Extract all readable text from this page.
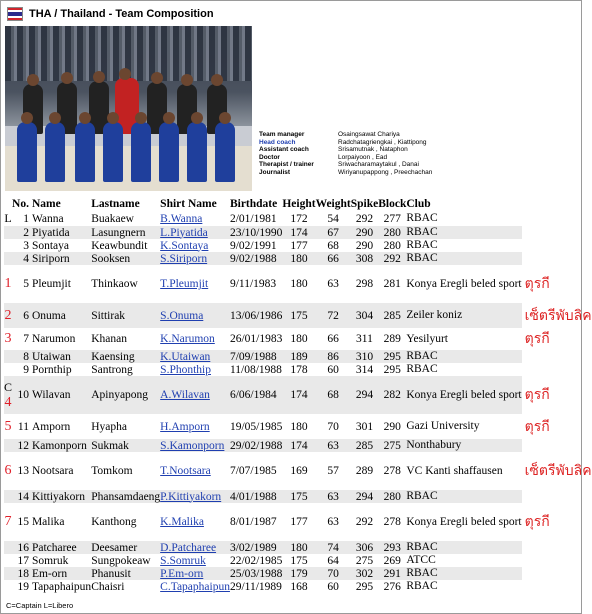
THA / Thailand - Team Composition
Team manager	Osaingsawat Chariya
Head coach	Radchatagriengkai , Kiattipong
Assistant coach	Srisamutnak , Nataphon
Doctor	Lorpaiyoon , Ead
Therapist / trainer	Sriwacharamaytakul , Danai
Journalist	Wiriyanupappong , Preechachan
	No.	Name	Lastname	Shirt Name	Birthdate	Height	Weight	Spike	Block	Club	
L	1	Wanna	Buakaew	B.Wanna	2/01/1981	172	54	292	277	RBAC	
	2	Piyatida	Lasungnern	L.Piyatida	23/10/1990	174	67	290	280	RBAC	
	3	Sontaya	Keawbundit	K.Sontaya	9/02/1991	177	68	290	280	RBAC	
	4	Siriporn	Sooksen	S.Siriporn	9/02/1988	180	66	308	292	RBAC	

1	5	Pleumjit	Thinkaow	T.Pleumjit	9/11/1983	180	63	298	281	Konya Eregli beled sport	ตุรกี

2	6	Onuma	Sittirak	S.Onuma	13/06/1986	175	72	304	285	Zeiler koniz	เซ็ตรีพับลิค

3	7	Narumon	Khanan	K.Narumon	26/01/1983	180	66	311	289	Yesilyurt	ตุรกี
	8	Utaiwan	Kaensing	K.Utaiwan	7/09/1988	189	86	310	295	RBAC	
	9	Pornthip	Santrong	S.Phonthip	11/08/1988	178	60	314	295	RBAC	

C
4	10	Wilavan	Apinyapong	A.Wilavan	6/06/1984	174	68	294	282	Konya Eregli beled sport	ตุรกี

5	11	Amporn	Hyapha	H.Amporn	19/05/1985	180	70	301	290	Gazi University	ตุรกี
	12	Kamonporn	Sukmak	S.Kamonporn	29/02/1988	174	63	285	275	Nonthabury	

6	13	Nootsara	Tomkom	T.Nootsara	7/07/1985	169	57	289	278	VC Kanti shaffausen	เซ็ตรีพับลิค
	14	Kittiyakorn	Phansamdaeng	P.Kittiyakorn	4/01/1988	175	63	294	280	RBAC	

7	15	Malika	Kanthong	K.Malika	8/01/1987	177	63	292	278	Konya Eregli beled sport	ตุรกี
	16	Patcharee	Deesamer	D.Patcharee	3/02/1989	180	74	306	293	RBAC	
	17	Somruk	Sungpokeaw	S.Somruk	22/02/1985	175	64	275	269	ATCC	
	18	Em-orn	Phanusit	P.Em-orn	25/03/1988	179	70	302	291	RBAC	
	19	Tapaphaipun	Chaisri	C.Tapaphaipun	29/11/1989	168	60	295	276	RBAC	
C=Captain L=Libero
